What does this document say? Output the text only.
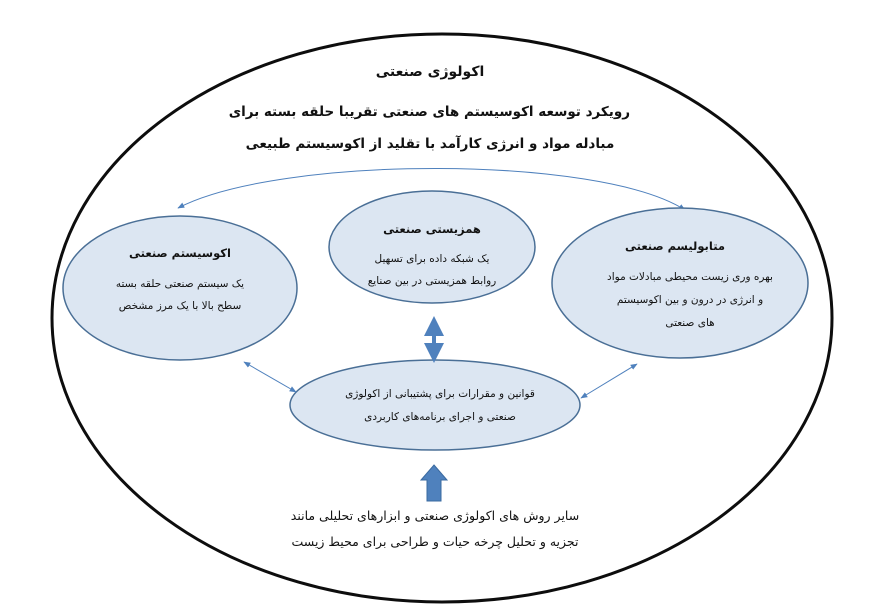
اکولوژی صنعتی
رویکرد توسعه اکوسیستم های صنعتی تقریبا حلقه بسته برای
مبادله مواد و انرژی کارآمد با تقلید از اکوسیستم طبیعی
اکوسیستم صنعتی
یک سیستم صنعتی حلقه بسته
سطح بالا با یک مرز مشخص
همزیستی صنعتی
یک شبکه داده برای تسهیل
روابط همزیستی در بین صنایع
متابولیسم صنعتی
بهره وری زیست محیطی مبادلات مواد
و انرژی در درون و بین اکوسیستم
های صنعتی
قوانین و مقرارات برای پشتیبانی از اکولوژی
صنعتی و اجرای برنامه‌های کاربردی
سایر روش های اکولوژی صنعتی و ابزارهای تحلیلی مانند
تجزیه و تحلیل چرخه حیات و طراحی برای محیط زیست
